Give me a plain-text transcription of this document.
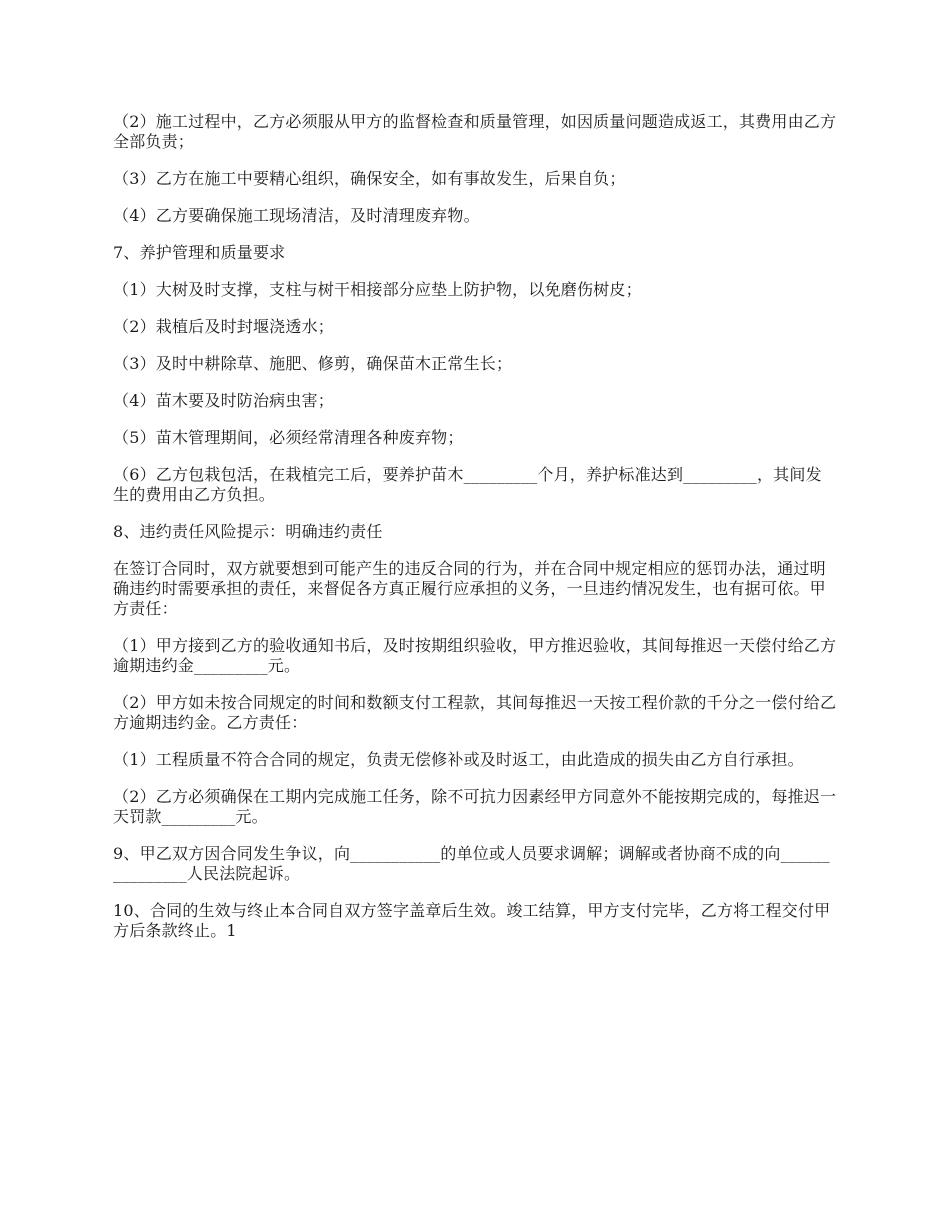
（2）施工过程中，乙方必须服从甲方的监督检查和质量管理，如因质量问题造成返工，其费用由乙方全部负责；

（3）乙方在施工中要精心组织，确保安全，如有事故发生，后果自负；

（4）乙方要确保施工现场清洁，及时清理废弃物。

7、养护管理和质量要求

（1）大树及时支撑，支柱与树干相接部分应垫上防护物，以免磨伤树皮；

（2）栽植后及时封堰浇透水；

（3）及时中耕除草、施肥、修剪，确保苗木正常生长；

（4）苗木要及时防治病虫害；

（5）苗木管理期间，必须经常清理各种废弃物；

（6）乙方包栽包活，在栽植完工后，要养护苗木_________个月，养护标准达到_________，其间发生的费用由乙方负担。

8、违约责任风险提示：明确违约责任

在签订合同时，双方就要想到可能产生的违反合同的行为，并在合同中规定相应的惩罚办法，通过明确违约时需要承担的责任，来督促各方真正履行应承担的义务，一旦违约情况发生，也有据可依。甲方责任：

（1）甲方接到乙方的验收通知书后，及时按期组织验收，甲方推迟验收，其间每推迟一天偿付给乙方逾期违约金_________元。

（2）甲方如未按合同规定的时间和数额支付工程款，其间每推迟一天按工程价款的千分之一偿付给乙方逾期违约金。乙方责任：

（1）工程质量不符合合同的规定，负责无偿修补或及时返工，由此造成的损失由乙方自行承担。

（2）乙方必须确保在工期内完成施工任务，除不可抗力因素经甲方同意外不能按期完成的，每推迟一天罚款_________元。

9、甲乙双方因合同发生争议，向___________的单位或人员要求调解；调解或者协商不成的向_______________人民法院起诉。

10、合同的生效与终止本合同自双方签字盖章后生效。竣工结算，甲方支付完毕，乙方将工程交付甲方后条款终止。1
